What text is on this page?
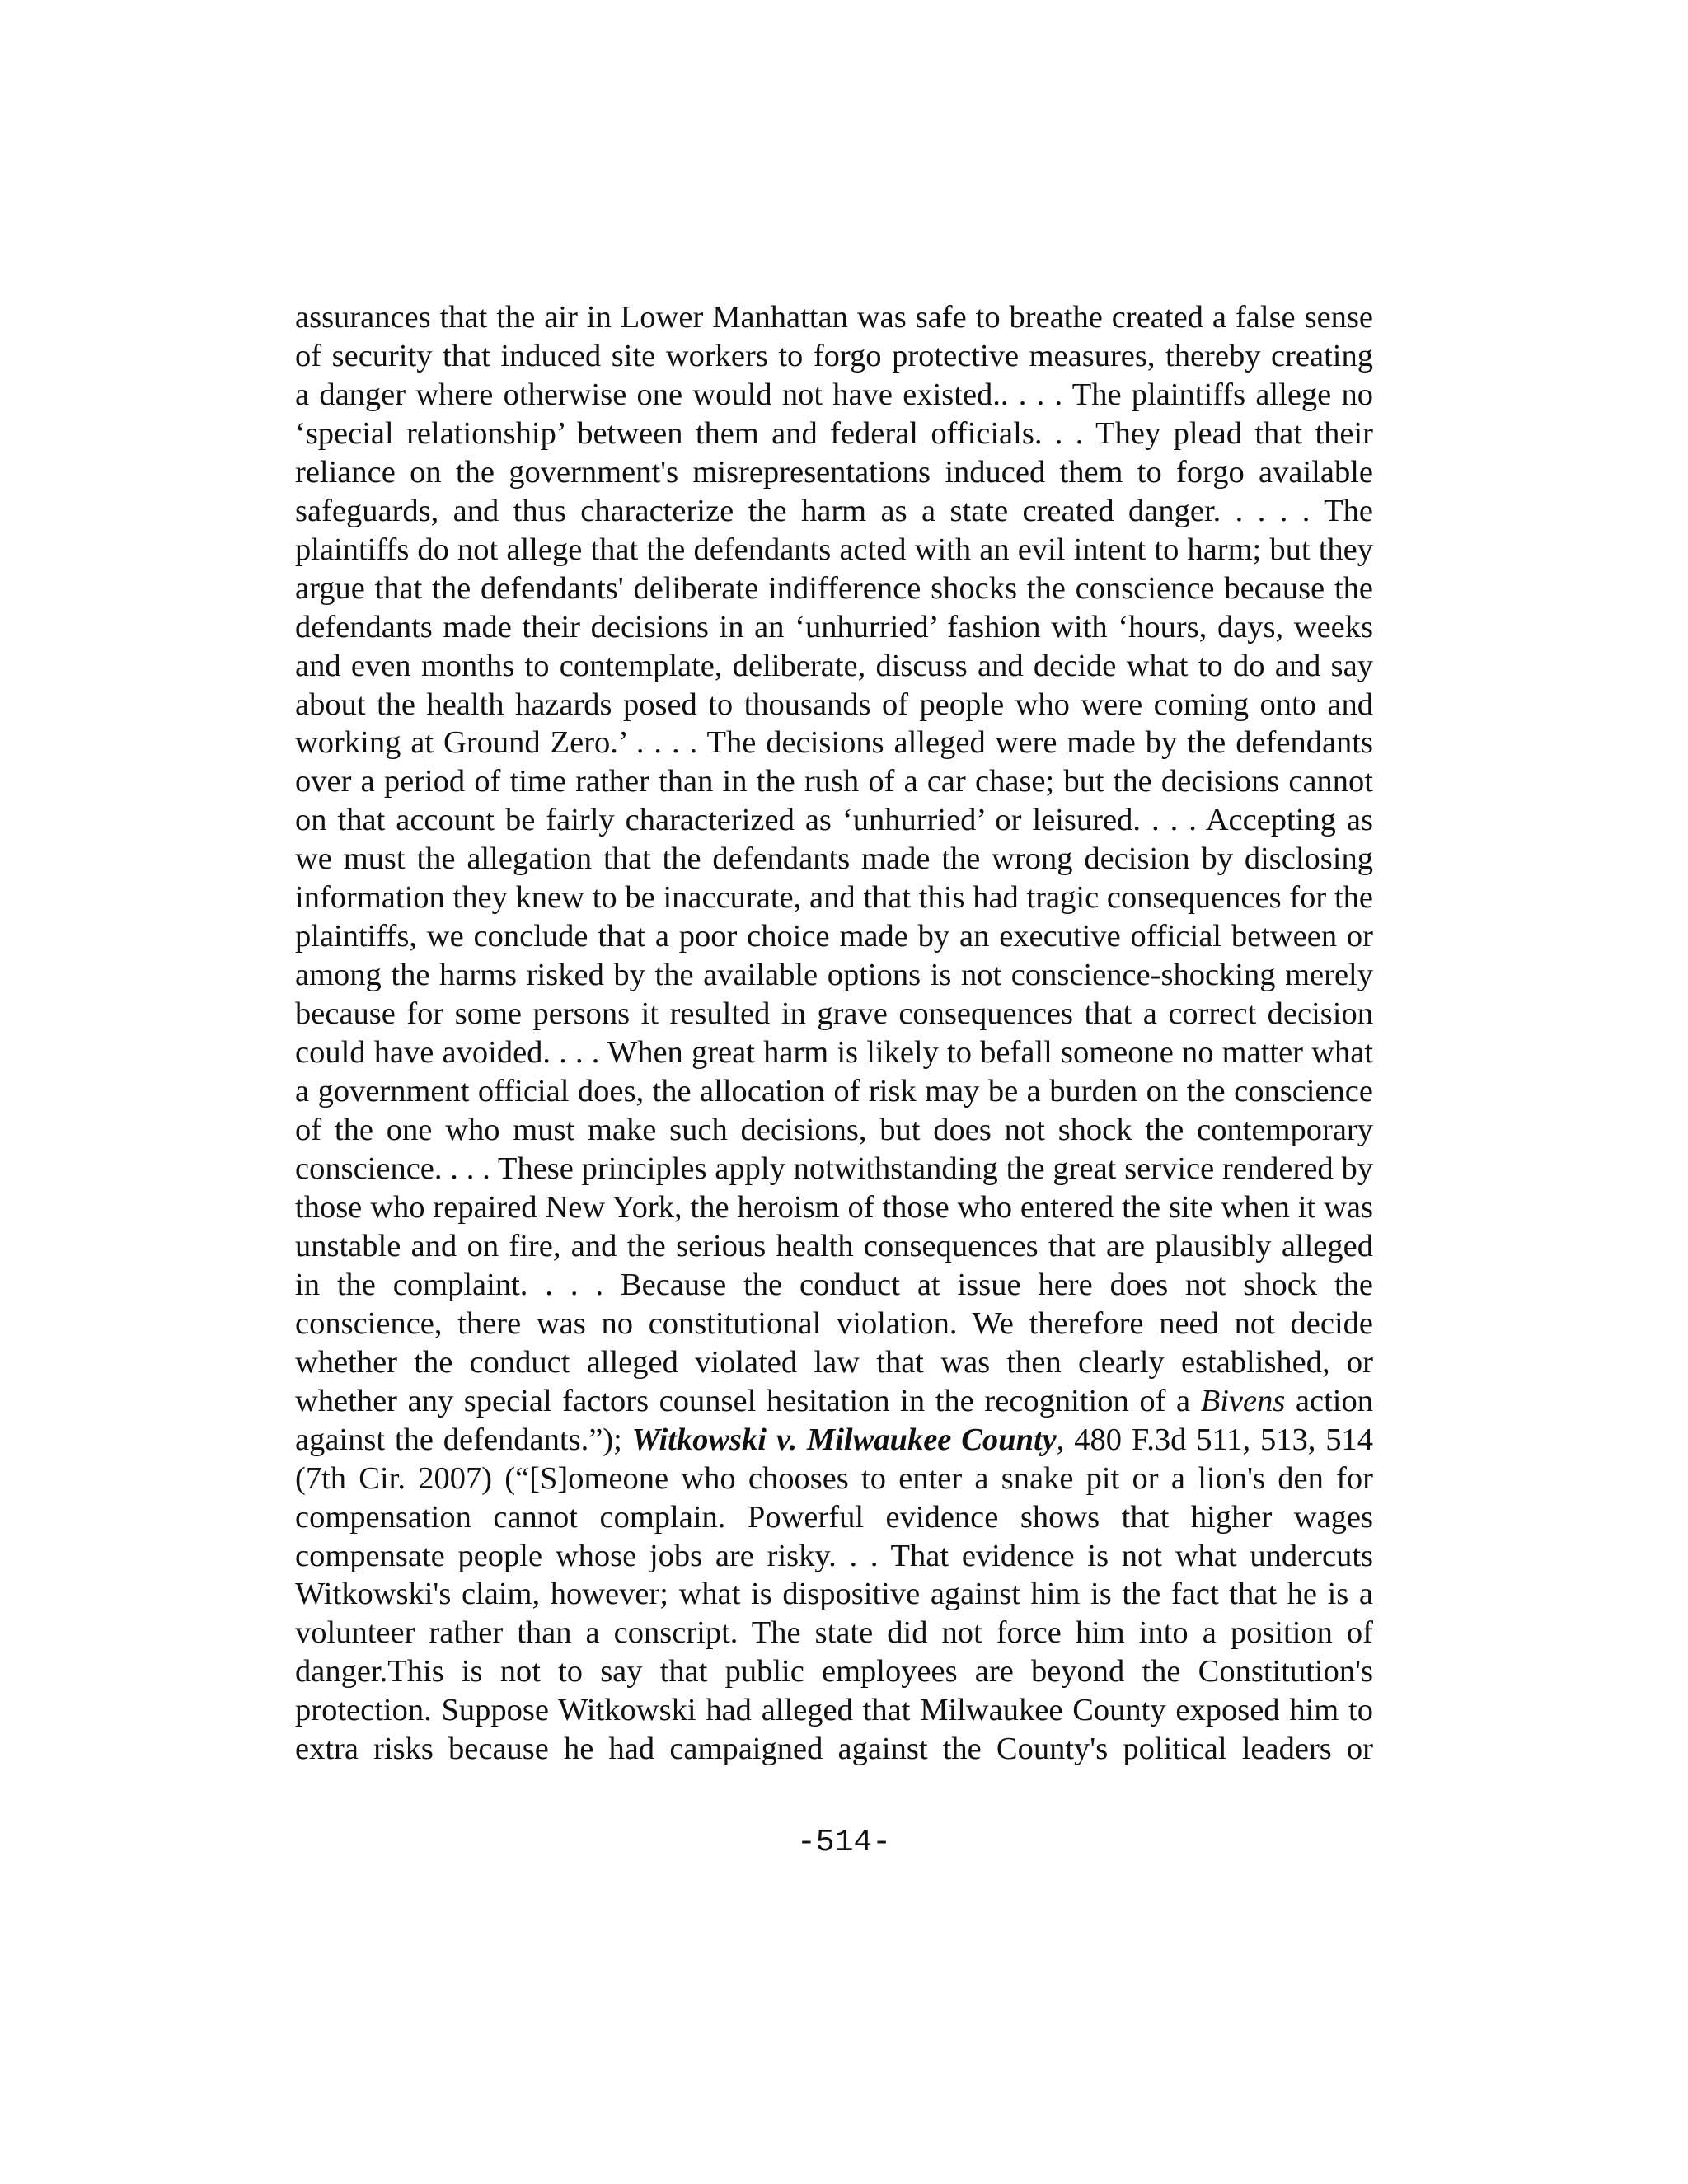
assurances that the air in Lower Manhattan was safe to breathe created a false sense
of security that induced site workers to forgo protective measures, thereby creating
a danger where otherwise one would not have existed.. . . . The plaintiffs allege no
‘special relationship’ between them and federal officials. . . They plead that their
reliance on the government's misrepresentations induced them to forgo available
safeguards, and thus characterize the harm as a state created danger. . . . . The
plaintiffs do not allege that the defendants acted with an evil intent to harm; but they
argue that the defendants' deliberate indifference shocks the conscience because the
defendants made their decisions in an ‘unhurried’ fashion with ‘hours, days, weeks
and even months to contemplate, deliberate, discuss and decide what to do and say
about the health hazards posed to thousands of people who were coming onto and
working at Ground Zero.’ . . . . The decisions alleged were made by the defendants
over a period of time rather than in the rush of a car chase; but the decisions cannot
on that account be fairly characterized as ‘unhurried’ or leisured. . . . Accepting as
we must the allegation that the defendants made the wrong decision by disclosing
information they knew to be inaccurate, and that this had tragic consequences for the
plaintiffs, we conclude that a poor choice made by an executive official between or
among the harms risked by the available options is not conscience-shocking merely
because for some persons it resulted in grave consequences that a correct decision
could have avoided. . . . When great harm is likely to befall someone no matter what
a government official does, the allocation of risk may be a burden on the conscience
of the one who must make such decisions, but does not shock the contemporary
conscience. . . . These principles apply notwithstanding the great service rendered by
those who repaired New York, the heroism of those who entered the site when it was
unstable and on fire, and the serious health consequences that are plausibly alleged
in the complaint. . . . Because the conduct at issue here does not shock the
conscience, there was no constitutional violation. We therefore need not decide
whether the conduct alleged violated law that was then clearly established, or
whether any special factors counsel hesitation in the recognition of a Bivens action
against the defendants.”); Witkowski v. Milwaukee County, 480 F.3d 511, 513, 514
(7th Cir. 2007) (“[S]omeone who chooses to enter a snake pit or a lion's den for
compensation cannot complain. Powerful evidence shows that higher wages
compensate people whose jobs are risky. . . That evidence is not what undercuts
Witkowski's claim, however; what is dispositive against him is the fact that he is a
volunteer rather than a conscript. The state did not force him into a position of
danger.This is not to say that public employees are beyond the Constitution's
protection. Suppose Witkowski had alleged that Milwaukee County exposed him to
extra risks because he had campaigned against the County's political leaders or

-514-
